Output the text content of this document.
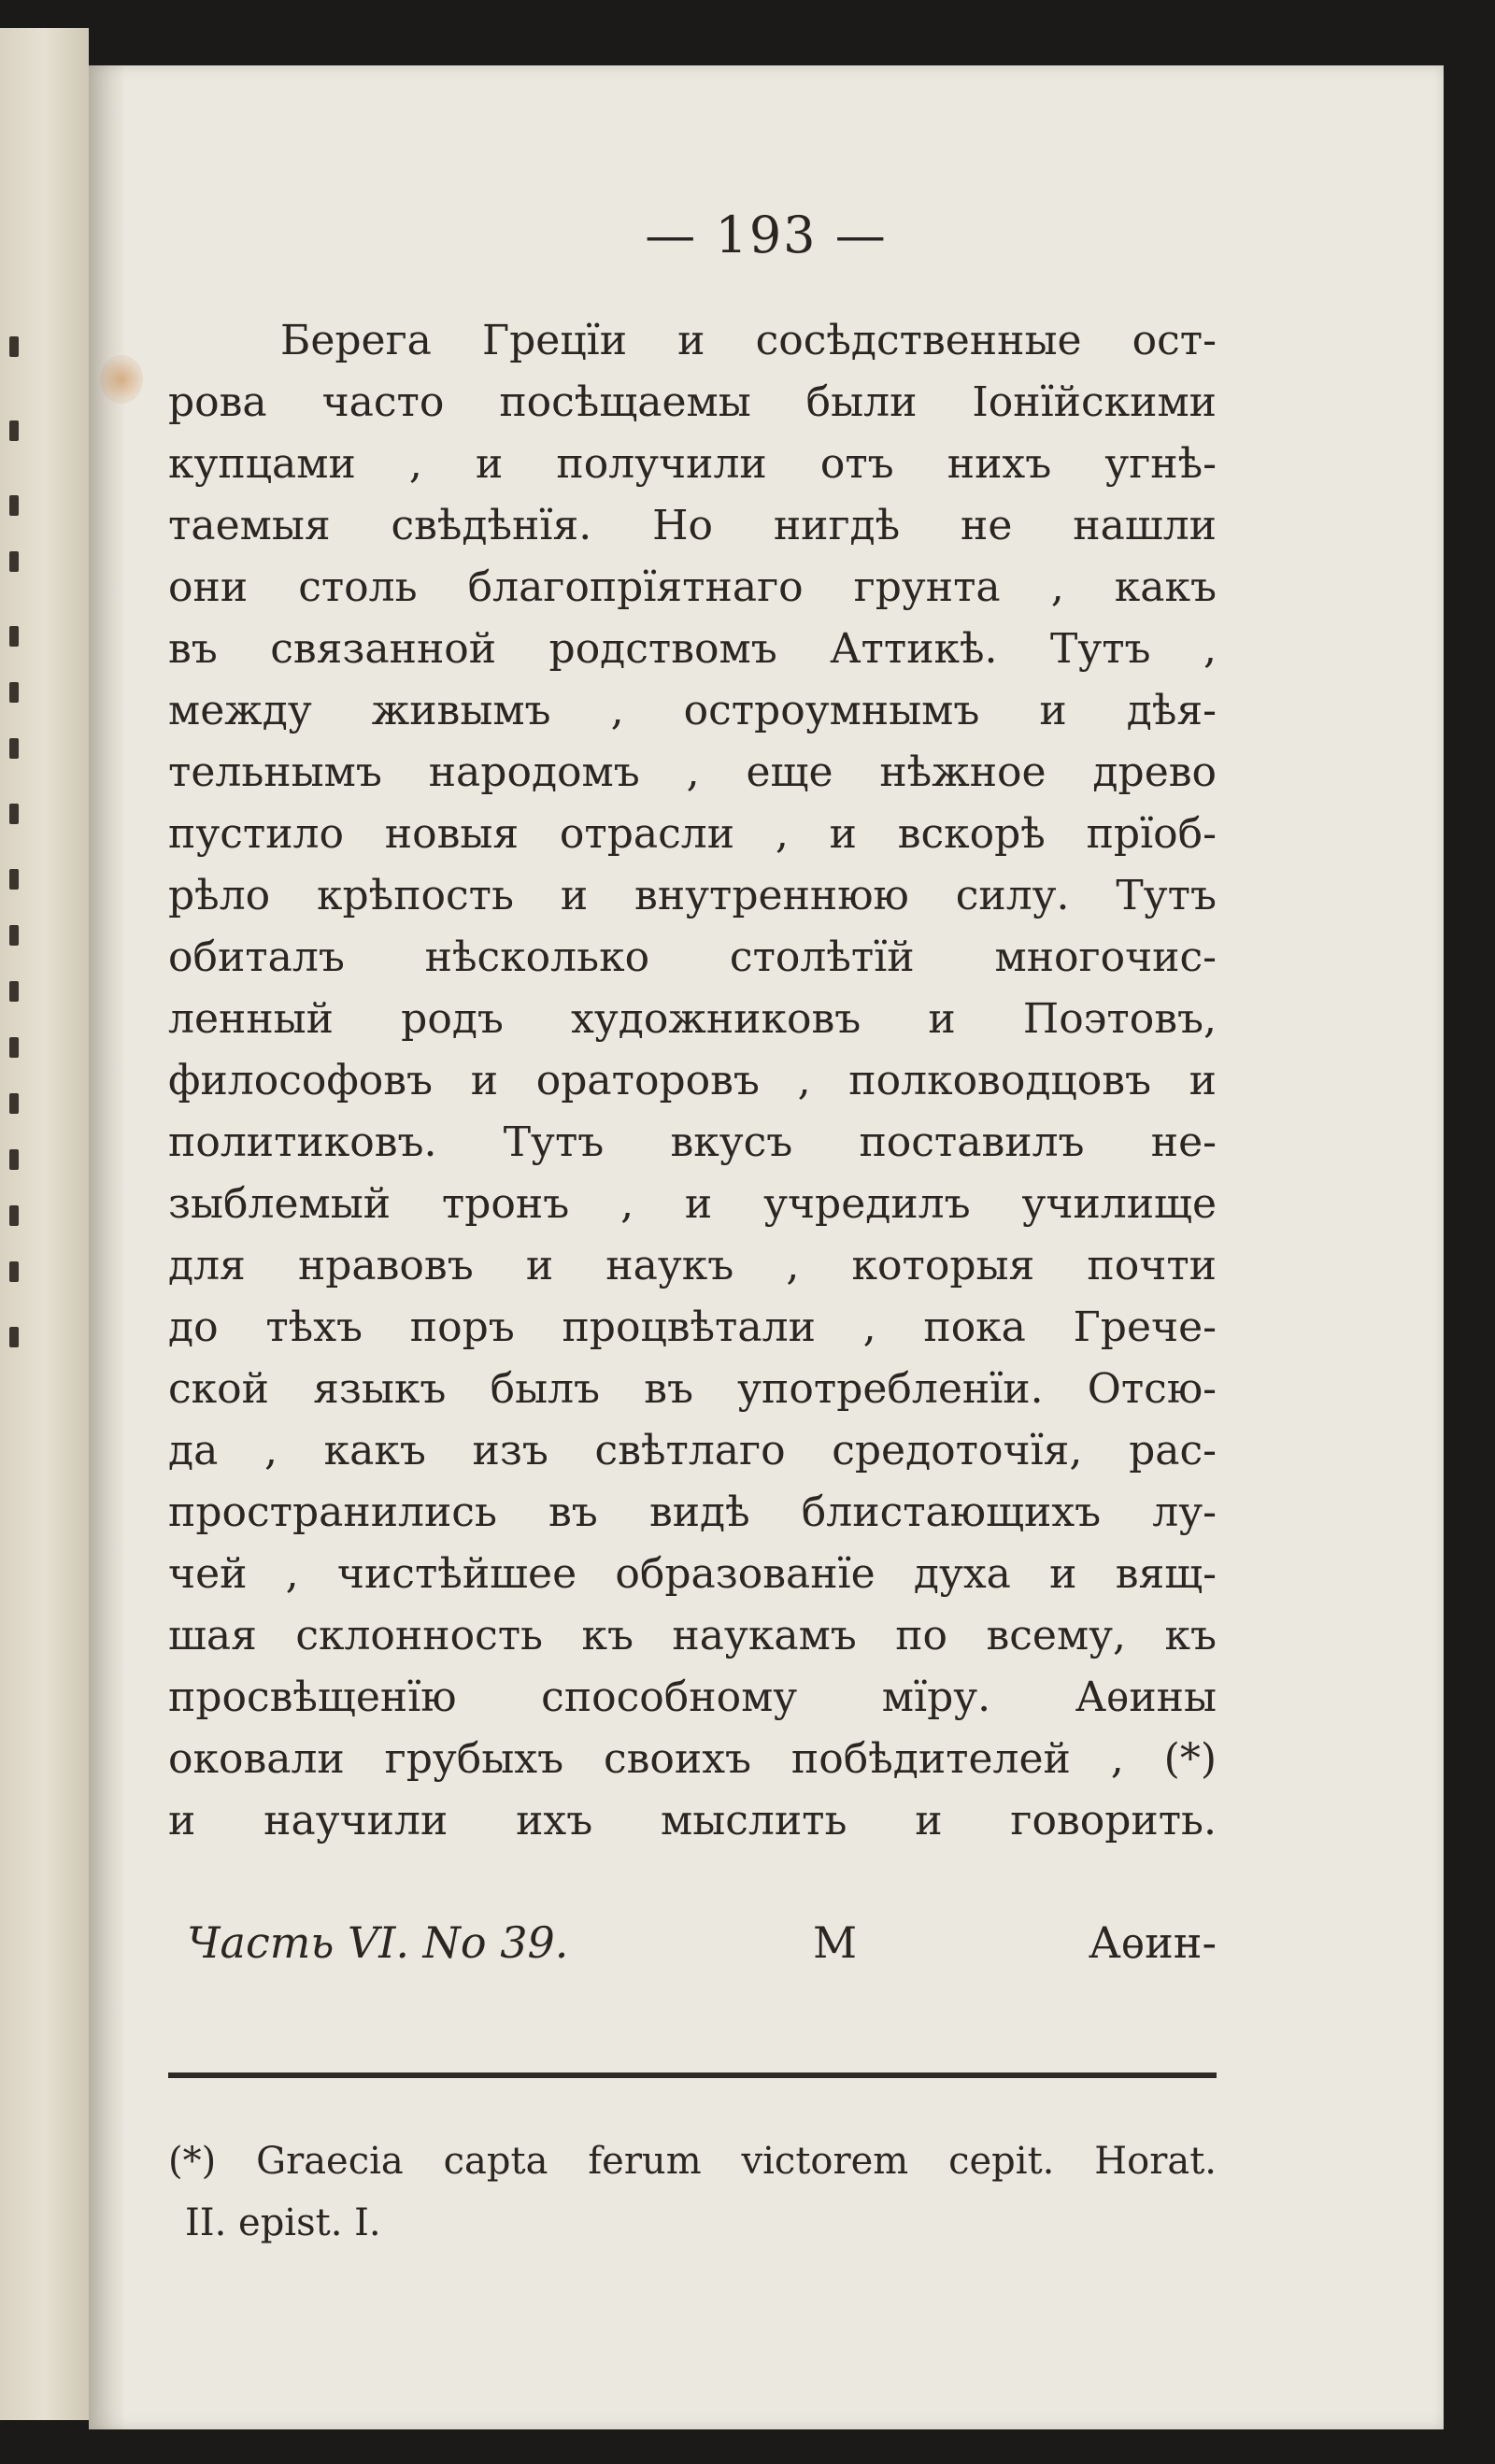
— 193 —
Берега Грецїи и сосѣдственные ост-
рова часто посѣщаемы были Iонїйскими
купцами , и получили отъ нихъ угнѣ-
таемыя свѣдѣнїя. Но нигдѣ не нашли
они столь благопрїятнаго грунта , какъ
въ связанной родствомъ Аттикѣ. Тутъ ,
между живымъ , остроумнымъ и дѣя-
тельнымъ народомъ , еще нѣжное древо
пустило новыя отрасли , и вскорѣ прїоб-
рѣло крѣпость и внутреннюю силу. Тутъ
обиталъ нѣсколько столѣтїй многочис-
ленный родъ художниковъ и Поэтовъ,
философовъ и ораторовъ , полководцовъ и
политиковъ. Тутъ вкусъ поставилъ не-
зыблемый тронъ , и учредилъ училище
для нравовъ и наукъ , которыя почти
до тѣхъ поръ процвѣтали , пока Грече-
ской языкъ былъ въ употребленїи. Отсю-
да , какъ изъ свѣтлаго средоточїя, рас-
пространились въ видѣ блистающихъ лу-
чей , чистѣйшее образованїе духа и вящ-
шая склонность къ наукамъ по всему, къ
просвѣщенїю способному мїру. Аѳины
оковали грубыхъ своихъ побѣдителей , (*)
и научили ихъ мыслить и говорить.
Часть VI. No 39.	M	Аѳин-
(*) Graecia capta ferum victorem cepit. Horat.
II. epist. I.
